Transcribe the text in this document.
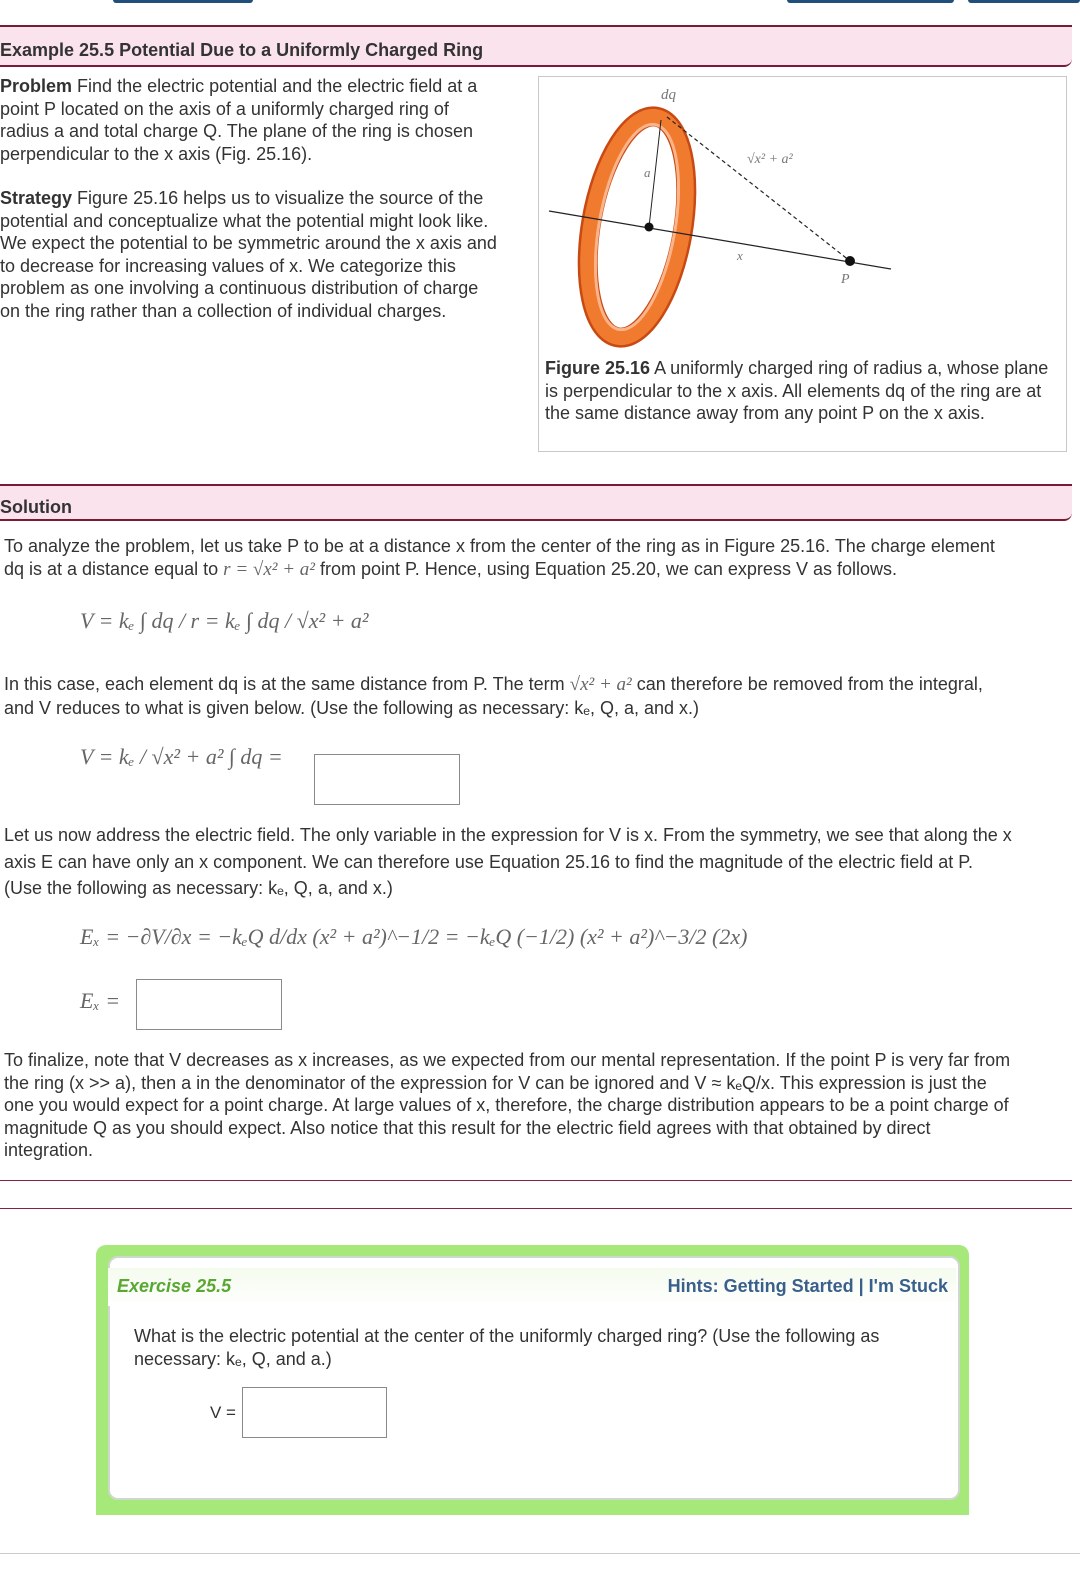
Example 25.5 Potential Due to a Uniformly Charged Ring
Problem Find the electric potential and the electric field at a
point P located on the axis of a uniformly charged ring of
radius a and total charge Q. The plane of the ring is chosen
perpendicular to the x axis (Fig. 25.16).
Strategy Figure 25.16 helps us to visualize the source of the
potential and conceptualize what the potential might look like.
We expect the potential to be symmetric around the x axis and
to decrease for increasing values of x. We categorize this
problem as one involving a continuous distribution of charge
on the ring rather than a collection of individual charges.
dq
a
x
P
√x² + a²
Figure 25.16 A uniformly charged ring of radius a, whose plane is perpendicular to the x axis. All elements dq of the ring are at the same distance away from any point P on the x axis.
Solution
To analyze the problem, let us take P to be at a distance x from the center of the ring as in Figure 25.16. The charge element
dq is at a distance equal to r = √x² + a² from point P. Hence, using Equation 25.20, we can express V as follows.
V = kₑ ∫ dq / r = kₑ ∫ dq / √x² + a²
In this case, each element dq is at the same distance from P. The term √x² + a² can therefore be removed from the integral,
and V reduces to what is given below. (Use the following as necessary: kₑ, Q, a, and x.)
V = kₑ / √x² + a² ∫ dq =
Let us now address the electric field. The only variable in the expression for V is x. From the symmetry, we see that along the x
axis E can have only an x component. We can therefore use Equation 25.16 to find the magnitude of the electric field at P.
(Use the following as necessary: kₑ, Q, a, and x.)
Eₓ = −∂V/∂x = −kₑQ d/dx (x² + a²)^−1/2 = −kₑQ (−1/2) (x² + a²)^−3/2 (2x)
Eₓ =
To finalize, note that V decreases as x increases, as we expected from our mental representation. If the point P is very far from
the ring (x >> a), then a in the denominator of the expression for V can be ignored and V ≈ kₑQ/x. This expression is just the
one you would expect for a point charge. At large values of x, therefore, the charge distribution appears to be a point charge of
magnitude Q as you should expect. Also notice that this result for the electric field agrees with that obtained by direct
integration.
Exercise 25.5	Hints: Getting Started | I'm Stuck
What is the electric potential at the center of the uniformly charged ring? (Use the following as
necessary: kₑ, Q, and a.)
V =
